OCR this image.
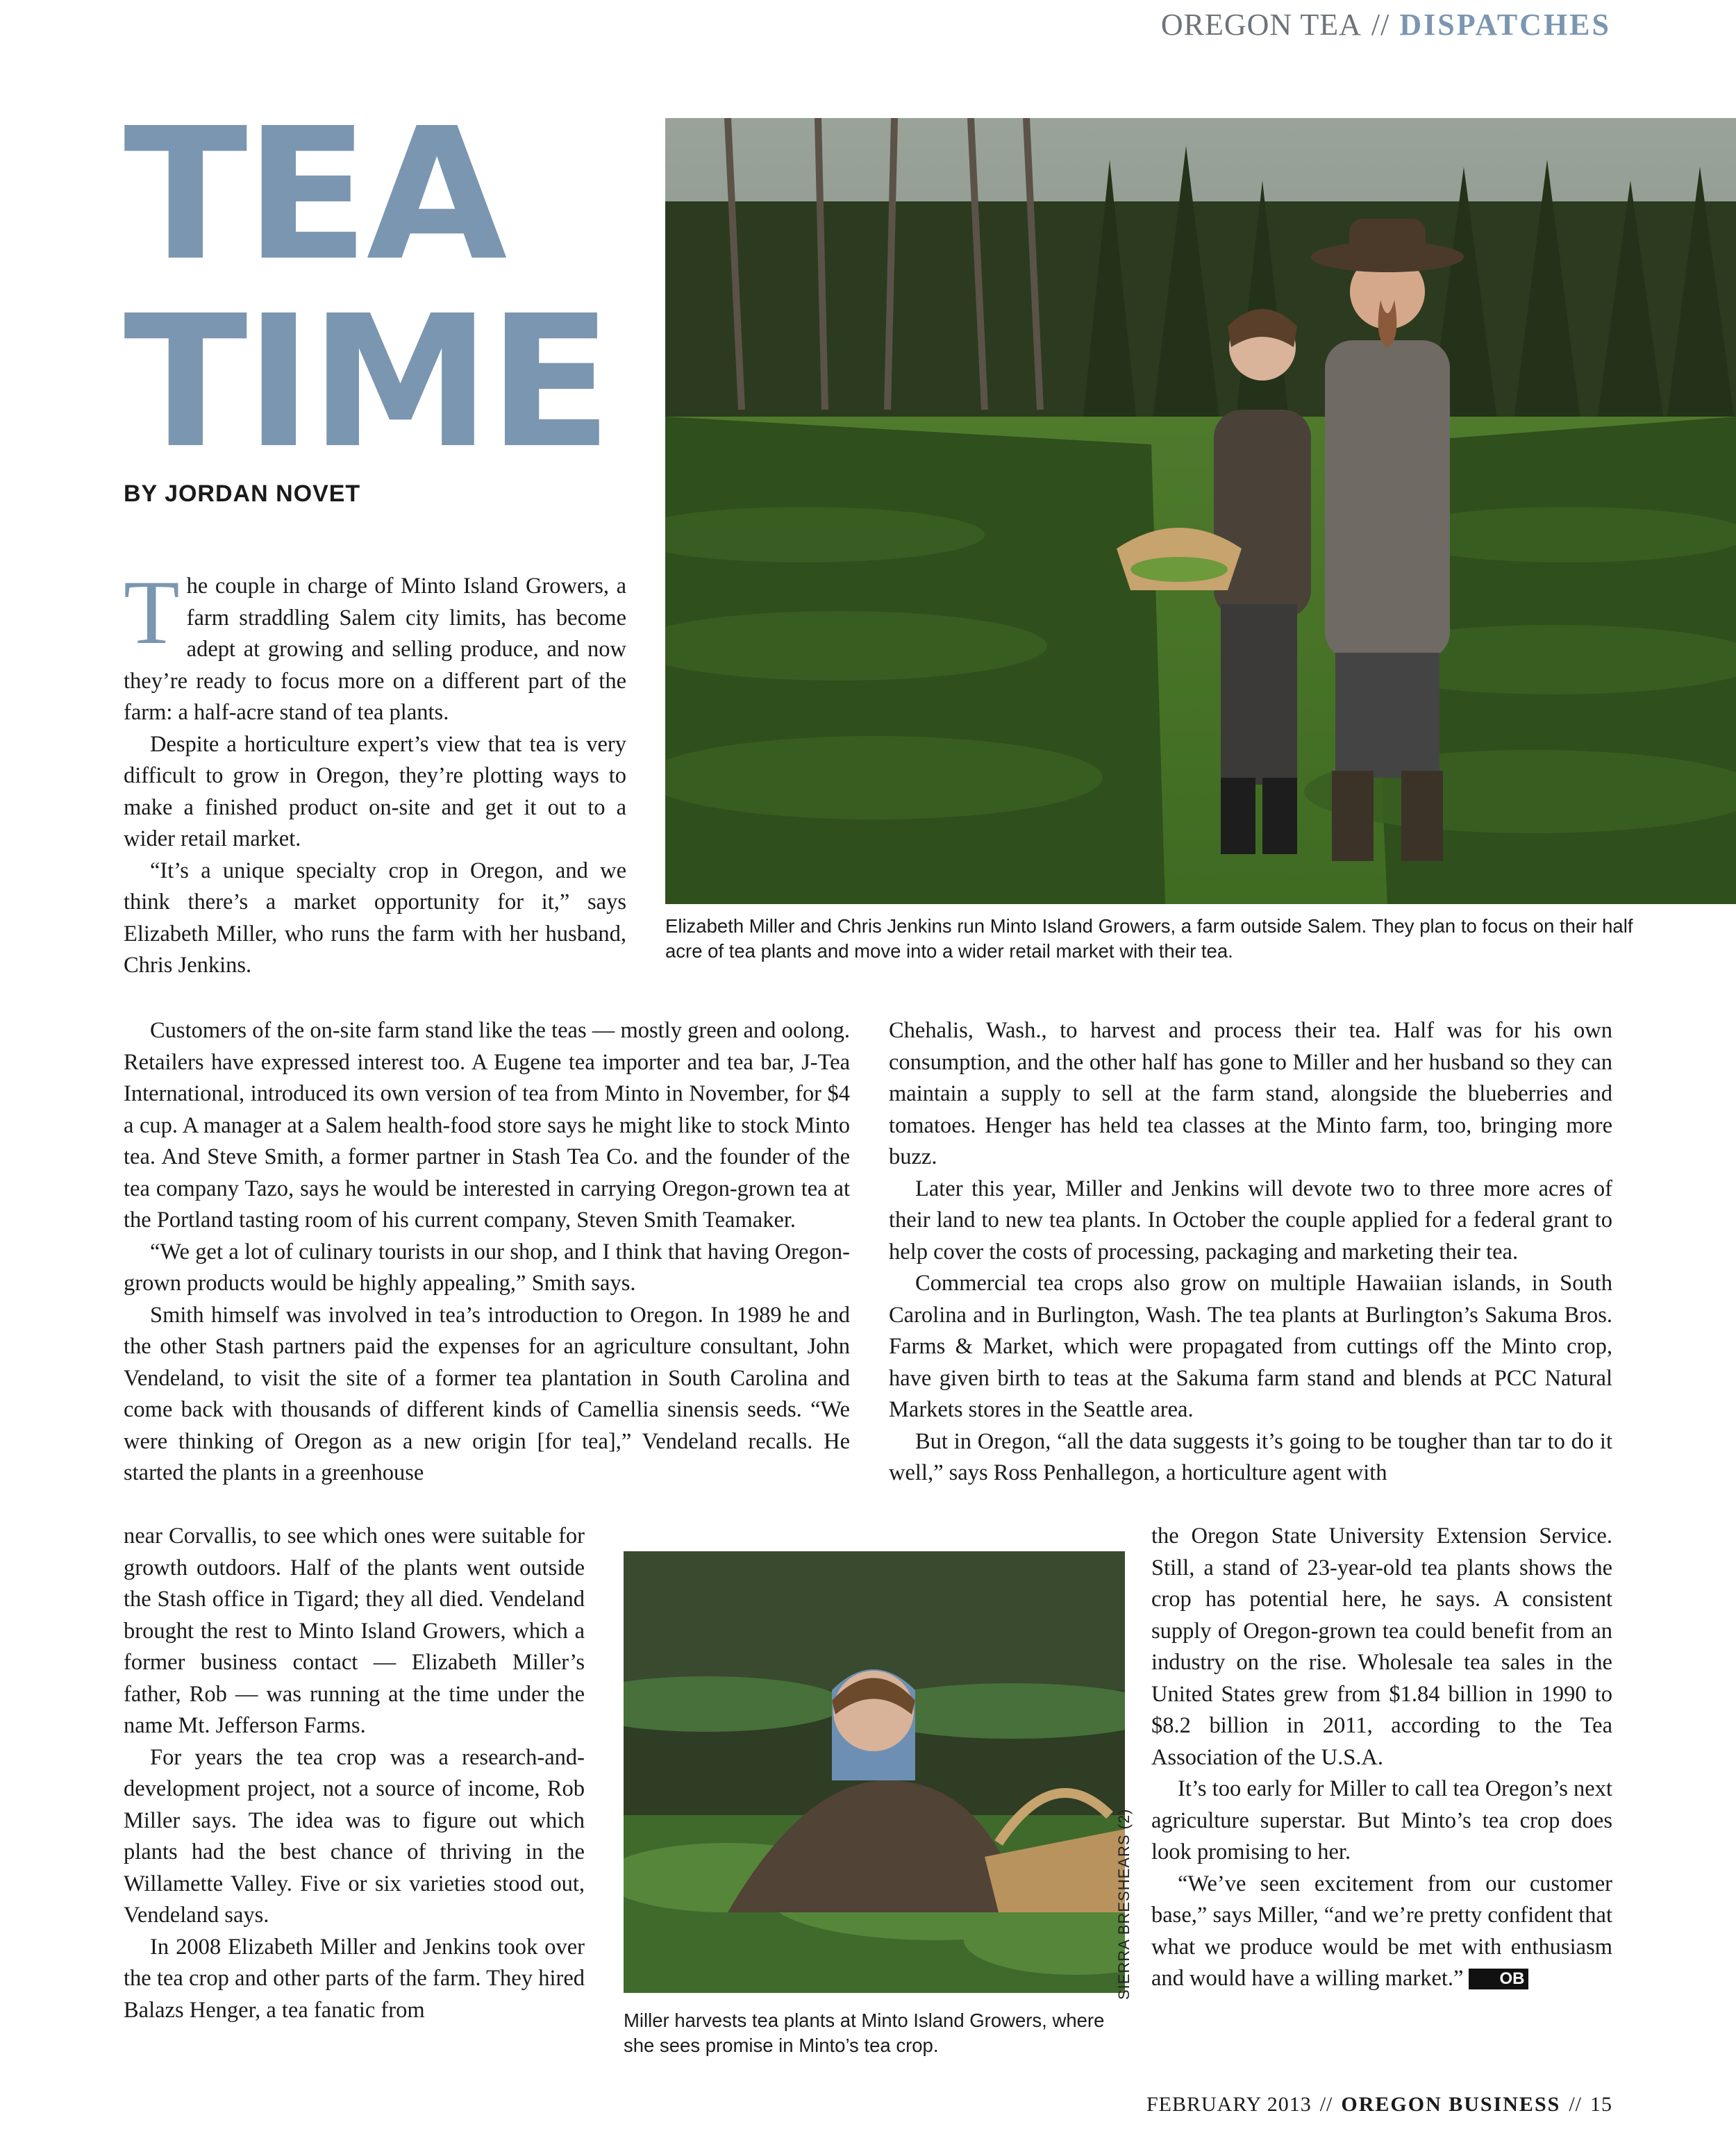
OREGON TEA // DISPATCHES
TEA
TIME
BY JORDAN NOVET
Elizabeth Miller and Chris Jenkins run Minto Island Growers, a farm outside Salem. They plan to focus on their half acre of tea plants and move into a wider retail market with their tea.

The couple in charge of Minto Island Growers, a farm straddling Salem city limits, has become adept at growing and selling produce, and now they’re ready to focus more on a different part of the farm: a half-acre stand of tea plants.

Despite a horticulture expert’s view that tea is very difficult to grow in Oregon, they’re plotting ways to make a finished product on-site and get it out to a wider retail market.

“It’s a unique specialty crop in Oregon, and we think there’s a market opportunity for it,” says Elizabeth Miller, who runs the farm with her husband, Chris Jenkins.

Customers of the on-site farm stand like the teas — mostly green and oolong. Retailers have expressed interest too. A Eugene tea importer and tea bar, J-Tea International, introduced its own version of tea from Minto in November, for $4 a cup. A manager at a Salem health-food store says he might like to stock Minto tea. And Steve Smith, a former partner in Stash Tea Co. and the founder of the tea company Tazo, says he would be interested in carrying Oregon-grown tea at the Portland tasting room of his current company, Steven Smith Teamaker.

“We get a lot of culinary tourists in our shop, and I think that having Oregon-grown products would be highly appealing,” Smith says.

Smith himself was involved in tea’s introduction to Oregon. In 1989 he and the other Stash partners paid the expenses for an agriculture consultant, John Vendeland, to visit the site of a former tea plantation in South Carolina and come back with thousands of different kinds of Camellia sinensis seeds. “We were thinking of Oregon as a new origin [for tea],” Vendeland recalls. He started the plants in a greenhouse

Chehalis, Wash., to harvest and process their tea. Half was for his own consumption, and the other half has gone to Miller and her husband so they can maintain a supply to sell at the farm stand, alongside the blueberries and tomatoes. Henger has held tea classes at the Minto farm, too, bringing more buzz.

Later this year, Miller and Jenkins will devote two to three more acres of their land to new tea plants. In October the couple applied for a federal grant to help cover the costs of processing, packaging and marketing their tea.

Commercial tea crops also grow on multiple Hawaiian islands, in South Carolina and in Burlington, Wash. The tea plants at Burlington’s Sakuma Bros. Farms & Market, which were propagated from cuttings off the Minto crop, have given birth to teas at the Sakuma farm stand and blends at PCC Natural Markets stores in the Seattle area.

But in Oregon, “all the data suggests it’s going to be tougher than tar to do it well,” says Ross Penhallegon, a horticulture agent with

near Corvallis, to see which ones were suitable for growth outdoors. Half of the plants went outside the Stash office in Tigard; they all died. Vendeland brought the rest to Minto Island Growers, which a former business contact — Elizabeth Miller’s father, Rob — was running at the time under the name Mt. Jefferson Farms.

For years the tea crop was a research-and-development project, not a source of income, Rob Miller says. The idea was to figure out which plants had the best chance of thriving in the Willamette Valley. Five or six varieties stood out, Vendeland says.

In 2008 Elizabeth Miller and Jenkins took over the tea crop and other parts of the farm. They hired Balazs Henger, a tea fanatic from	Miller harvests tea plants at Minto Island Growers, where she sees promise in Minto’s tea crop.
SIERRA BRESHEARS (2)

the Oregon State University Extension Service. Still, a stand of 23-year-old tea plants shows the crop has potential here, he says. A consistent supply of Oregon-grown tea could benefit from an industry on the rise. Wholesale tea sales in the United States grew from $1.84 billion in 1990 to $8.2 billion in 2011, according to the Tea Association of the U.S.A.

It’s too early for Miller to call tea Oregon’s next agriculture superstar. But Minto’s tea crop does look promising to her.

“We’ve seen excitement from our customer base,” says Miller, “and we’re pretty confident that what we produce would be met with enthusiasm and would have a willing market.” OB

FEBRUARY 2013 // OREGON BUSINESS // 15
